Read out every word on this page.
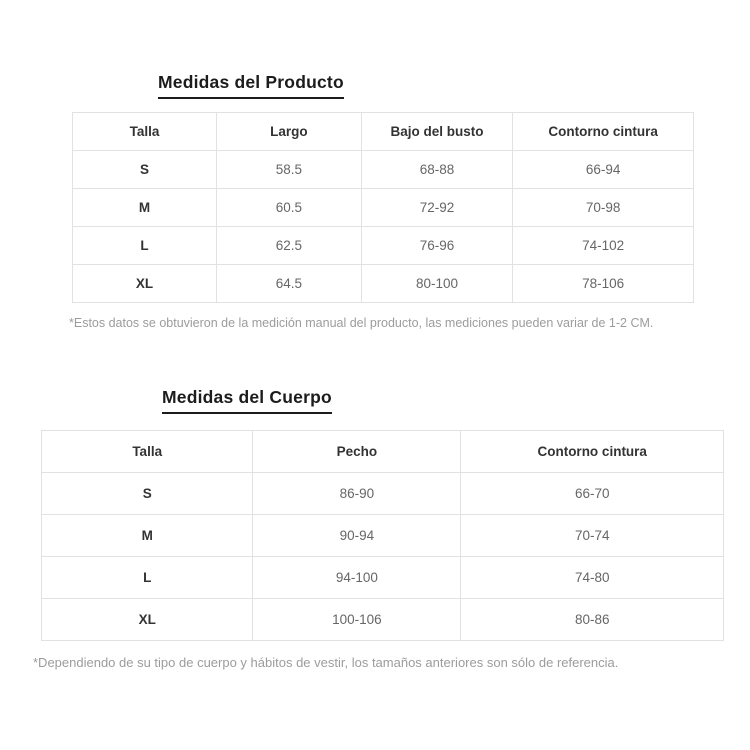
Medidas del Producto
Talla	Largo	Bajo del busto	Contorno cintura
S	58.5	68-88	66-94
M	60.5	72-92	70-98
L	62.5	76-96	74-102
XL	64.5	80-100	78-106

*Estos datos se obtuvieron de la medición manual del producto, las mediciones pueden variar de 1-2 CM.

Medidas del Cuerpo
Talla	Pecho	Contorno cintura
S	86-90	66-70
M	90-94	70-74
L	94-100	74-80
XL	100-106	80-86

*Dependiendo de su tipo de cuerpo y hábitos de vestir, los tamaños anteriores son sólo de referencia.
